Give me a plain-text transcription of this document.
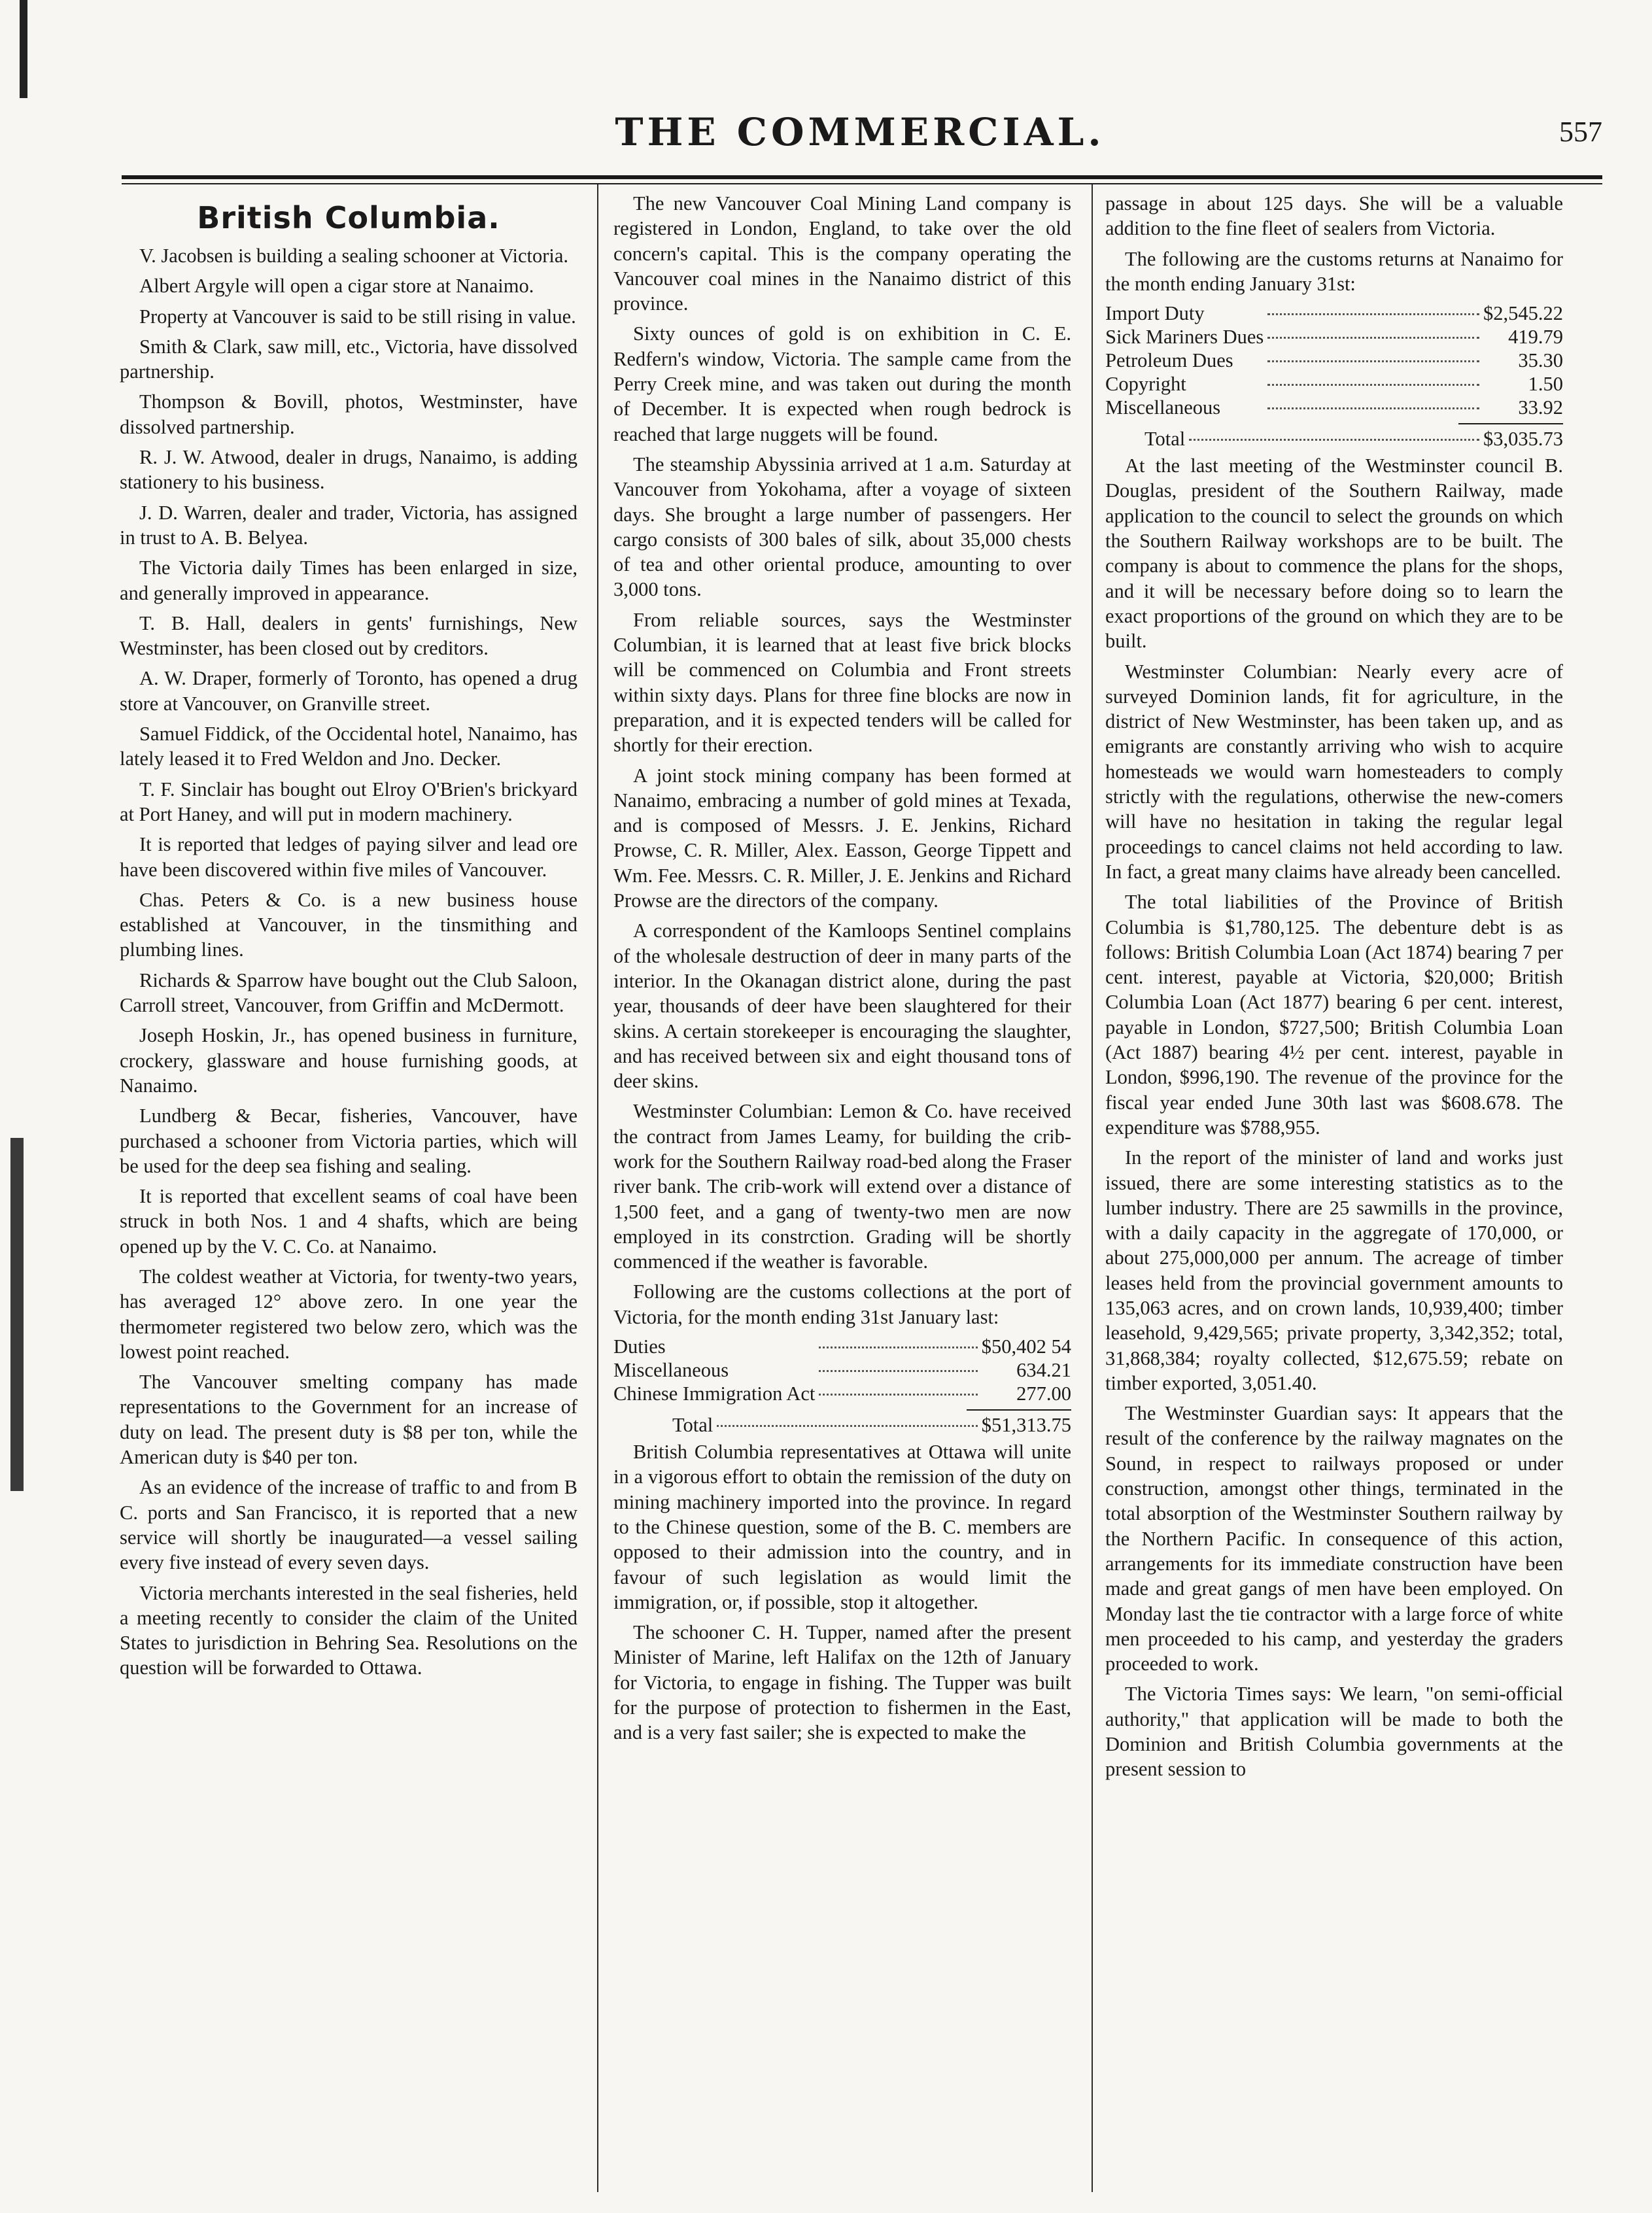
THE COMMERCIAL.	557
British Columbia.

V. Jacobsen is building a sealing schooner at Victoria.

Albert Argyle will open a cigar store at Nanaimo.

Property at Vancouver is said to be still rising in value.

Smith & Clark, saw mill, etc., Victoria, have dissolved partnership.

Thompson & Bovill, photos, Westminster, have dissolved partnership.

R. J. W. Atwood, dealer in drugs, Nanaimo, is adding stationery to his business.

J. D. Warren, dealer and trader, Victoria, has assigned in trust to A. B. Belyea.

The Victoria daily Times has been enlarged in size, and generally improved in appearance.

T. B. Hall, dealers in gents' furnishings, New Westminster, has been closed out by creditors.

A. W. Draper, formerly of Toronto, has opened a drug store at Vancouver, on Granville street.

Samuel Fiddick, of the Occidental hotel, Nanaimo, has lately leased it to Fred Weldon and Jno. Decker.

T. F. Sinclair has bought out Elroy O'Brien's brickyard at Port Haney, and will put in modern machinery.

It is reported that ledges of paying silver and lead ore have been discovered within five miles of Vancouver.

Chas. Peters & Co. is a new business house established at Vancouver, in the tinsmithing and plumbing lines.

Richards & Sparrow have bought out the Club Saloon, Carroll street, Vancouver, from Griffin and McDermott.

Joseph Hoskin, Jr., has opened business in furniture, crockery, glassware and house furnishing goods, at Nanaimo.

Lundberg & Becar, fisheries, Vancouver, have purchased a schooner from Victoria parties, which will be used for the deep sea fishing and sealing.

It is reported that excellent seams of coal have been struck in both Nos. 1 and 4 shafts, which are being opened up by the V. C. Co. at Nanaimo.

The coldest weather at Victoria, for twenty-two years, has averaged 12° above zero. In one year the thermometer registered two below zero, which was the lowest point reached.

The Vancouver smelting company has made representations to the Government for an increase of duty on lead. The present duty is $8 per ton, while the American duty is $40 per ton.

As an evidence of the increase of traffic to and from B C. ports and San Francisco, it is reported that a new service will shortly be inaugurated—a vessel sailing every five instead of every seven days.

Victoria merchants interested in the seal fisheries, held a meeting recently to consider the claim of the United States to jurisdiction in Behring Sea. Resolutions on the question will be forwarded to Ottawa.

The new Vancouver Coal Mining Land company is registered in London, England, to take over the old concern's capital. This is the company operating the Vancouver coal mines in the Nanaimo district of this province.

Sixty ounces of gold is on exhibition in C. E. Redfern's window, Victoria. The sample came from the Perry Creek mine, and was taken out during the month of December. It is expected when rough bedrock is reached that large nuggets will be found.

The steamship Abyssinia arrived at 1 a.m. Saturday at Vancouver from Yokohama, after a voyage of sixteen days. She brought a large number of passengers. Her cargo consists of 300 bales of silk, about 35,000 chests of tea and other oriental produce, amounting to over 3,000 tons.

From reliable sources, says the Westminster Columbian, it is learned that at least five brick blocks will be commenced on Columbia and Front streets within sixty days. Plans for three fine blocks are now in preparation, and it is expected tenders will be called for shortly for their erection.

A joint stock mining company has been formed at Nanaimo, embracing a number of gold mines at Texada, and is composed of Messrs. J. E. Jenkins, Richard Prowse, C. R. Miller, Alex. Easson, George Tippett and Wm. Fee. Messrs. C. R. Miller, J. E. Jenkins and Richard Prowse are the directors of the company.

A correspondent of the Kamloops Sentinel complains of the wholesale destruction of deer in many parts of the interior. In the Okanagan district alone, during the past year, thousands of deer have been slaughtered for their skins. A certain storekeeper is encouraging the slaughter, and has received between six and eight thousand tons of deer skins.

Westminster Columbian: Lemon & Co. have received the contract from James Leamy, for building the crib-work for the Southern Railway road-bed along the Fraser river bank. The crib-work will extend over a distance of 1,500 feet, and a gang of twenty-two men are now employed in its constrction. Grading will be shortly commenced if the weather is favorable.

Following are the customs collections at the port of Victoria, for the month ending 31st January last:

Duties		$50,402 54
Miscellaneous		634.21
Chinese Immigration Act		277.00
Total		$51,313.75

British Columbia representatives at Ottawa will unite in a vigorous effort to obtain the remission of the duty on mining machinery imported into the province. In regard to the Chinese question, some of the B. C. members are opposed to their admission into the country, and in favour of such legislation as would limit the immigration, or, if possible, stop it altogether.

The schooner C. H. Tupper, named after the present Minister of Marine, left Halifax on the 12th of January for Victoria, to engage in fishing. The Tupper was built for the purpose of protection to fishermen in the East, and is a very fast sailer; she is expected to make the

passage in about 125 days. She will be a valuable addition to the fine fleet of sealers from Victoria.

The following are the customs returns at Nanaimo for the month ending January 31st:

Import Duty		$2,545.22
Sick Mariners Dues		419.79
Petroleum Dues		35.30
Copyright		1.50
Miscellaneous		33.92
Total		$3,035.73

At the last meeting of the Westminster council B. Douglas, president of the Southern Railway, made application to the council to select the grounds on which the Southern Railway workshops are to be built. The company is about to commence the plans for the shops, and it will be necessary before doing so to learn the exact proportions of the ground on which they are to be built.

Westminster Columbian: Nearly every acre of surveyed Dominion lands, fit for agriculture, in the district of New Westminster, has been taken up, and as emigrants are constantly arriving who wish to acquire homesteads we would warn homesteaders to comply strictly with the regulations, otherwise the new-comers will have no hesitation in taking the regular legal proceedings to cancel claims not held according to law. In fact, a great many claims have already been cancelled.

The total liabilities of the Province of British Columbia is $1,780,125. The debenture debt is as follows: British Columbia Loan (Act 1874) bearing 7 per cent. interest, payable at Victoria, $20,000; British Columbia Loan (Act 1877) bearing 6 per cent. interest, payable in London, $727,500; British Columbia Loan (Act 1887) bearing 4½ per cent. interest, payable in London, $996,190. The revenue of the province for the fiscal year ended June 30th last was $608.678. The expenditure was $788,955.

In the report of the minister of land and works just issued, there are some interesting statistics as to the lumber industry. There are 25 sawmills in the province, with a daily capacity in the aggregate of 170,000, or about 275,000,000 per annum. The acreage of timber leases held from the provincial government amounts to 135,063 acres, and on crown lands, 10,939,400; timber leasehold, 9,429,565; private property, 3,342,352; total, 31,868,384; royalty collected, $12,675.59; rebate on timber exported, 3,051.40.

The Westminster Guardian says: It appears that the result of the conference by the railway magnates on the Sound, in respect to railways proposed or under construction, amongst other things, terminated in the total absorption of the Westminster Southern railway by the Northern Pacific. In consequence of this action, arrangements for its immediate construction have been made and great gangs of men have been employed. On Monday last the tie contractor with a large force of white men proceeded to his camp, and yesterday the graders proceeded to work.

The Victoria Times says: We learn, "on semi-official authority," that application will be made to both the Dominion and British Columbia governments at the present session to
